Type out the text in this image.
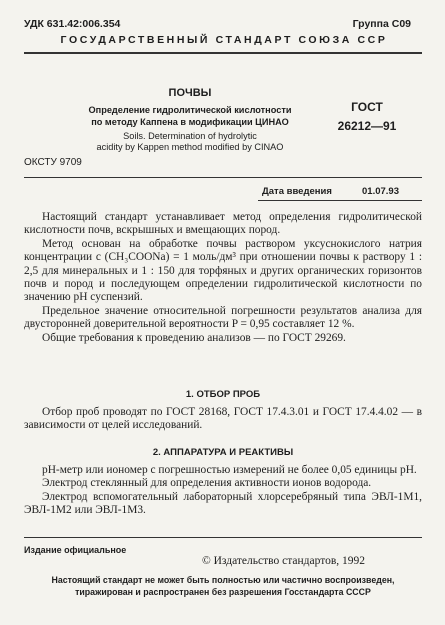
УДК 631.42:006.354	Группа С09
ГОСУДАРСТВЕННЫЙ СТАНДАРТ СОЮЗА ССР
ПОЧВЫ
Определение гидролитической кислотности
по методу Каппена в модификации ЦИНАО
Soils. Determination of hydrolytic
acidity by Kappen method modified by CINAO
ГОСТ
26212—91
ОКСТУ 9709
Дата введения	01.07.93

Настоящий стандарт устанавливает метод определения гидролитической кислотности почв, вскрышных и вмещающих пород.

Метод основан на обработке почвы раствором уксуснокислого натрия концентрации c (CH₃COONa) = 1 моль/дм³ при отношении почвы к раствору 1 : 2,5 для минеральных и 1 : 150 для торфяных и других органических горизонтов почв и пород и последующем определении гидролитической кислотности по значению pH суспензий.

Предельное значение относительной погрешности результатов анализа для двусторонней доверительной вероятности P = 0,95 составляет 12 %.

Общие требования к проведению анализов — по ГОСТ 29269.

1. ОТБОР ПРОБ

Отбор проб проводят по ГОСТ 28168, ГОСТ 17.4.3.01 и ГОСТ 17.4.4.02 — в зависимости от целей исследований.

2. АППАРАТУРА И РЕАКТИВЫ

pH-метр или иономер с погрешностью измерений не более 0,05 единицы pH.

Электрод стеклянный для определения активности ионов водорода.

Электрод вспомогательный лабораторный хлорсеребряный типа ЭВЛ-1М1, ЭВЛ-1М2 или ЭВЛ-1М3.

Издание официальное
© Издательство стандартов, 1992
Настоящий стандарт не может быть полностью или частично воспроизведен,
тиражирован и распространен без разрешения Госстандарта СССР
